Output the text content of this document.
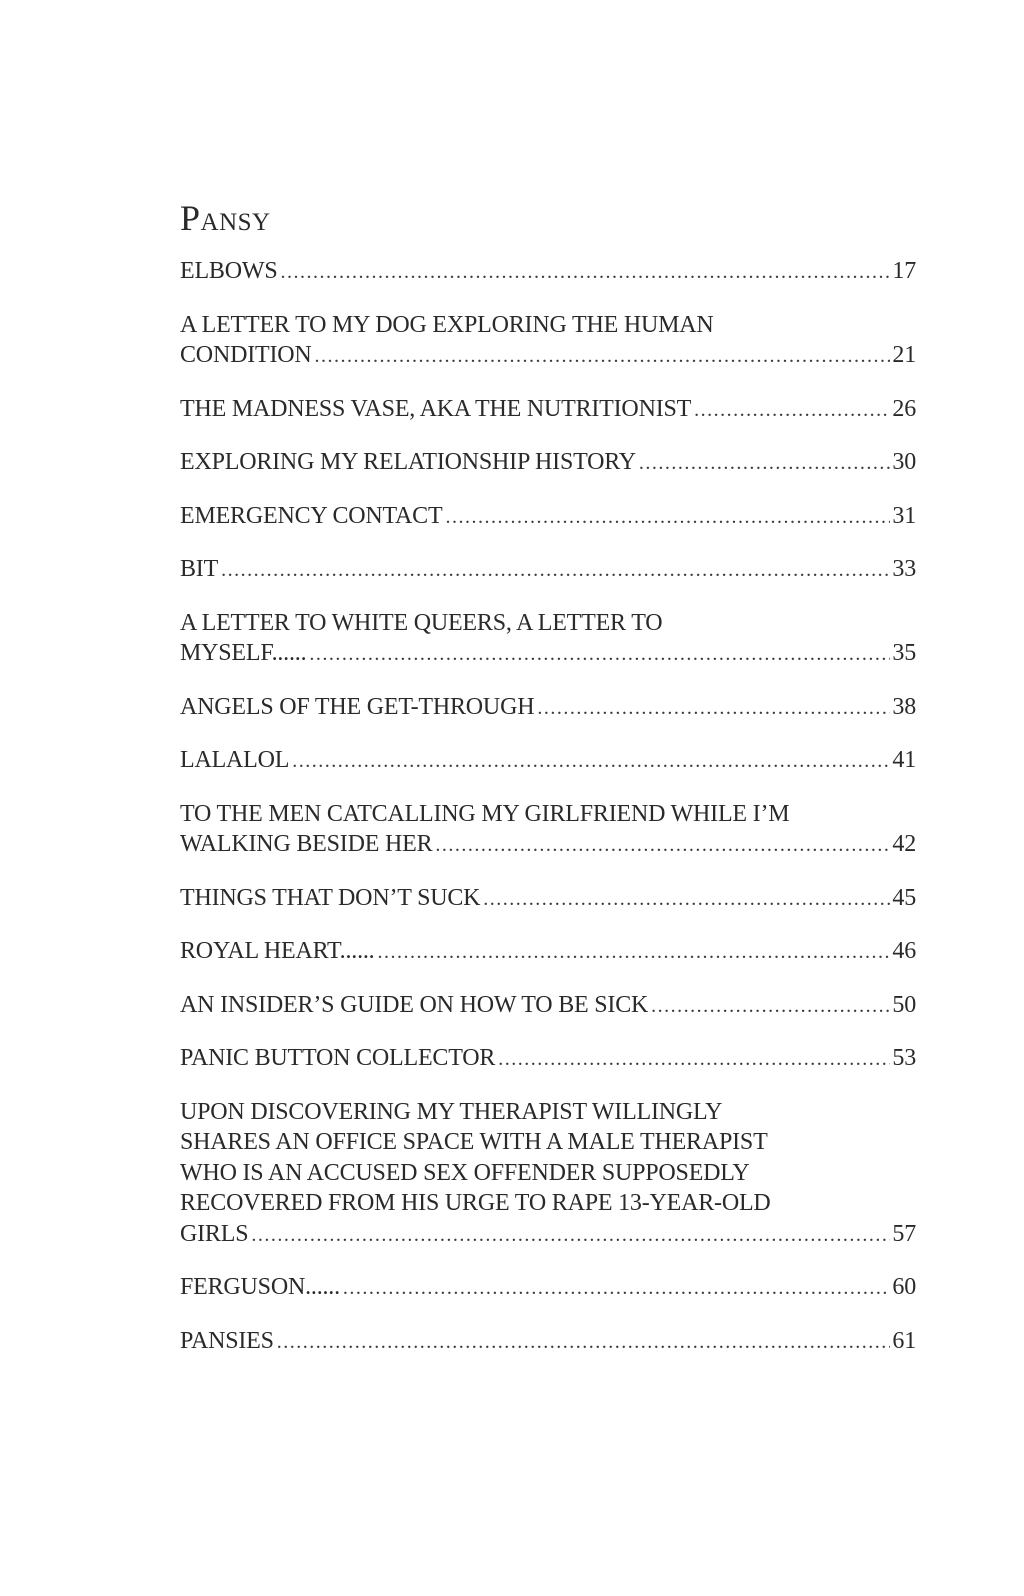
Pansy
ELBOWS .....	17
A LETTER TO MY DOG EXPLORING THE HUMAN
CONDITION .....	21
THE MADNESS VASE, AKA THE NUTRITIONIST .....	26
EXPLORING MY RELATIONSHIP HISTORY .....	30
EMERGENCY CONTACT .....	31
BIT .....	33
A LETTER TO WHITE QUEERS, A LETTER TO
MYSELF...... .....	35
ANGELS OF THE GET-THROUGH .....	38
LALALOL .....	41
TO THE MEN CATCALLING MY GIRLFRIEND WHILE I’M
WALKING BESIDE HER .....	42
THINGS THAT DON’T SUCK .....	45
ROYAL HEART...... .....	46
AN INSIDER’S GUIDE ON HOW TO BE SICK .....	50
PANIC BUTTON COLLECTOR .....	53
UPON DISCOVERING MY THERAPIST WILLINGLY
SHARES AN OFFICE SPACE WITH A MALE THERAPIST
WHO IS AN ACCUSED SEX OFFENDER SUPPOSEDLY
RECOVERED FROM HIS URGE TO RAPE 13-YEAR-OLD
GIRLS .....	57
FERGUSON...... .....	60
PANSIES .....	61
